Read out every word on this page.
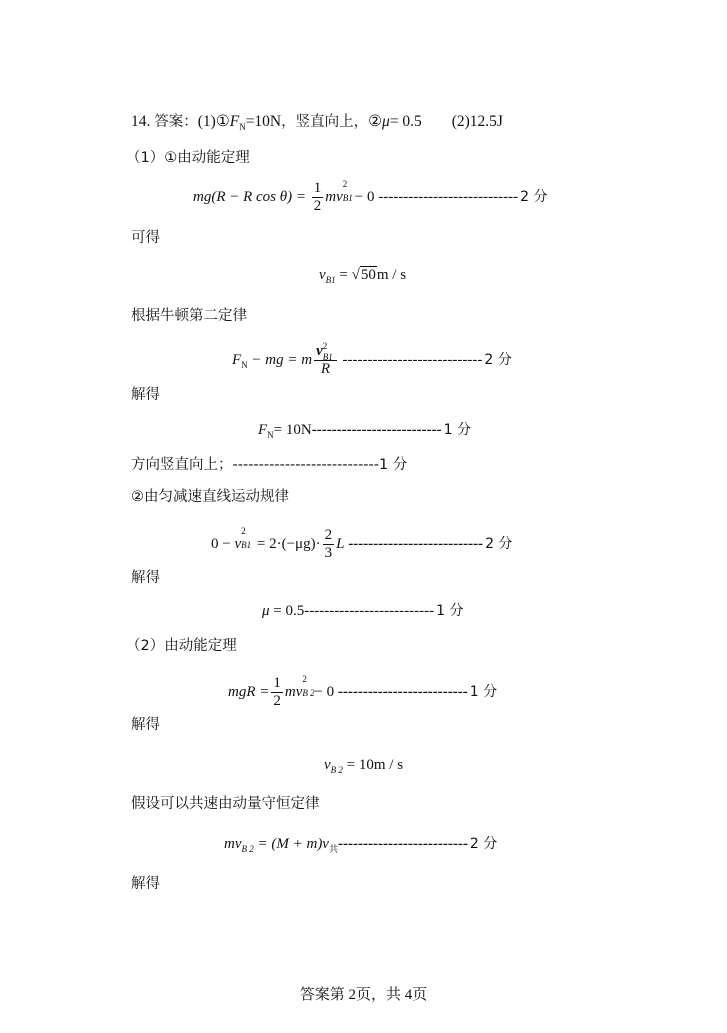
14. 答案：$(1)①F_N=10N$，竖直向上，②μ= 0.5 (2)12.5J
（1）①由动能定理
mg(R − R $\cos \theta) = \frac{1}{2}$ mv
2
B1 − 0 ---------------------------- 2 分
可得
$v_{B1} = √50m / s$
根据牛顿第二定律
$F_N$ − mg = m v 2
B1
R ---------------------------- 2 分
解得
$F_N= 10N--------------------------$ 1 分
方向竖直向上；----------------------------1 分
②由匀减速直线运动规律
0 − v
2
$B1 = 2\cdot(-\mu g)\cdot \frac{2}{3}$ L --------------------------- 2 分
解得
μ = 0.5-------------------------- 1 分
（2）由动能定理
mgR = $\frac{1}{2}$ mv
2
B 2 − 0 -------------------------- 1 分
解得
$v_{B 2} = 10m / s$
假设可以共速由动量守恒定律
$mv_{B 2} = (M + m)v_共--------------------------$ 2 分
解得
答案第 2页，共 4页
